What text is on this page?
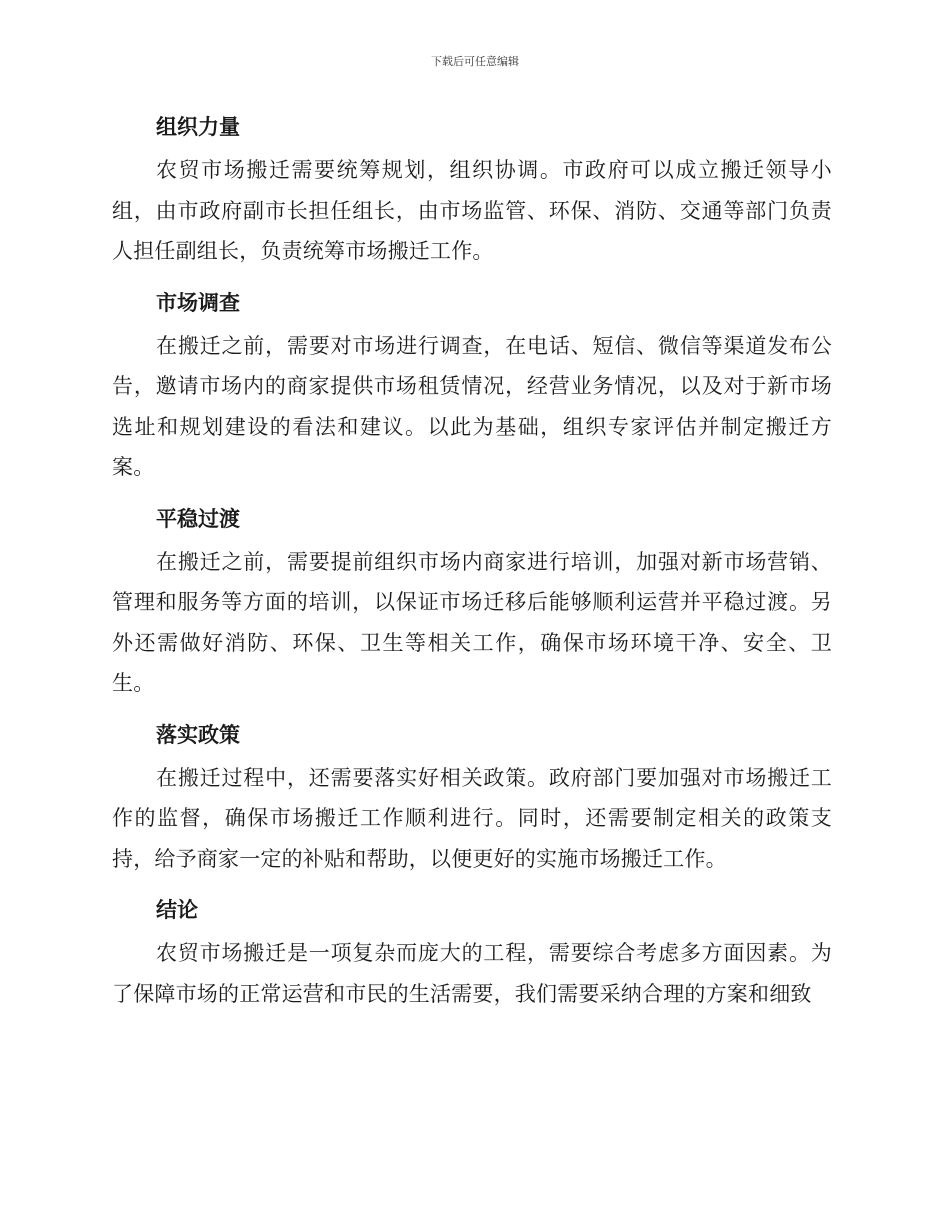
下载后可任意编辑
组织力量

农贸市场搬迁需要统筹规划，组织协调。市政府可以成立搬迁领导小组，由市政府副市长担任组长，由市场监管、环保、消防、交通等部门负责人担任副组长，负责统筹市场搬迁工作。

市场调查

在搬迁之前，需要对市场进行调查，在电话、短信、微信等渠道发布公告，邀请市场内的商家提供市场租赁情况，经营业务情况，以及对于新市场选址和规划建设的看法和建议。以此为基础，组织专家评估并制定搬迁方案。

平稳过渡

在搬迁之前，需要提前组织市场内商家进行培训，加强对新市场营销、管理和服务等方面的培训，以保证市场迁移后能够顺利运营并平稳过渡。另外还需做好消防、环保、卫生等相关工作，确保市场环境干净、安全、卫生。

落实政策

在搬迁过程中，还需要落实好相关政策。政府部门要加强对市场搬迁工作的监督，确保市场搬迁工作顺利进行。同时，还需要制定相关的政策支持，给予商家一定的补贴和帮助，以便更好的实施市场搬迁工作。

结论

农贸市场搬迁是一项复杂而庞大的工程，需要综合考虑多方面因素。为了保障市场的正常运营和市民的生活需要，我们需要采纳合理的方案和细致
